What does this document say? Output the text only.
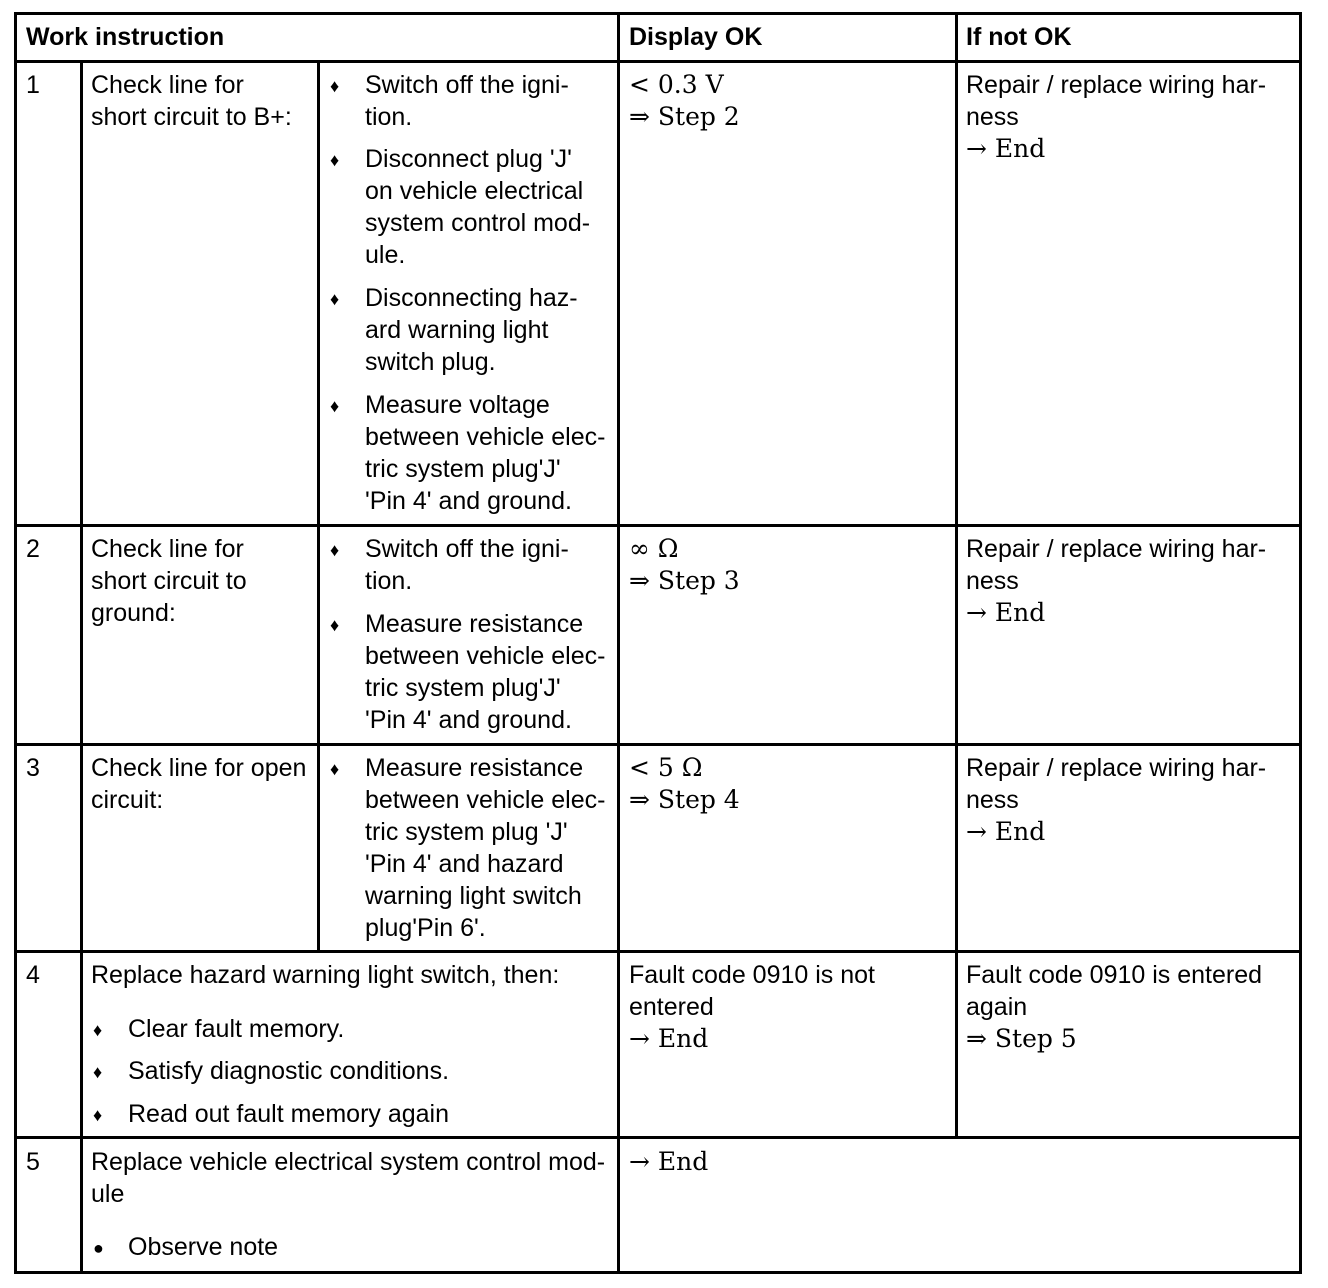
Work instruction	Display OK	If not OK
1 Check line for
short circuit to B+:
♦ Switch off the igni-
tion.
♦ Disconnect plug 'J'
on vehicle electrical
system control mod-
ule.
♦ Disconnecting haz-
ard warning light
switch plug.
♦ Measure voltage
between vehicle elec-
tric system plug'J'
'Pin 4' and ground.
< 0.3 V
⇒ Step 2
Repair / replace wiring har-
ness
→ End
2 Check line for
short circuit to
ground:
♦ Switch off the igni-
tion.
♦ Measure resistance
between vehicle elec-
tric system plug'J'
'Pin 4' and ground.
∞ Ω
⇒ Step 3
Repair / replace wiring har-
ness
→ End
3 Check line for open
circuit:
♦ Measure resistance
between vehicle elec-
tric system plug 'J'
'Pin 4' and hazard
warning light switch
plug'Pin 6'.
< 5 Ω
⇒ Step 4
Repair / replace wiring har-
ness
→ End
4 Replace hazard warning light switch, then:
♦ Clear fault memory.
♦ Satisfy diagnostic conditions.
♦ Read out fault memory again
Fault code 0910 is not
entered
→ End
Fault code 0910 is entered
again
⇒ Step 5
5 Replace vehicle electrical system control mod-
ule
● Observe note
→ End
